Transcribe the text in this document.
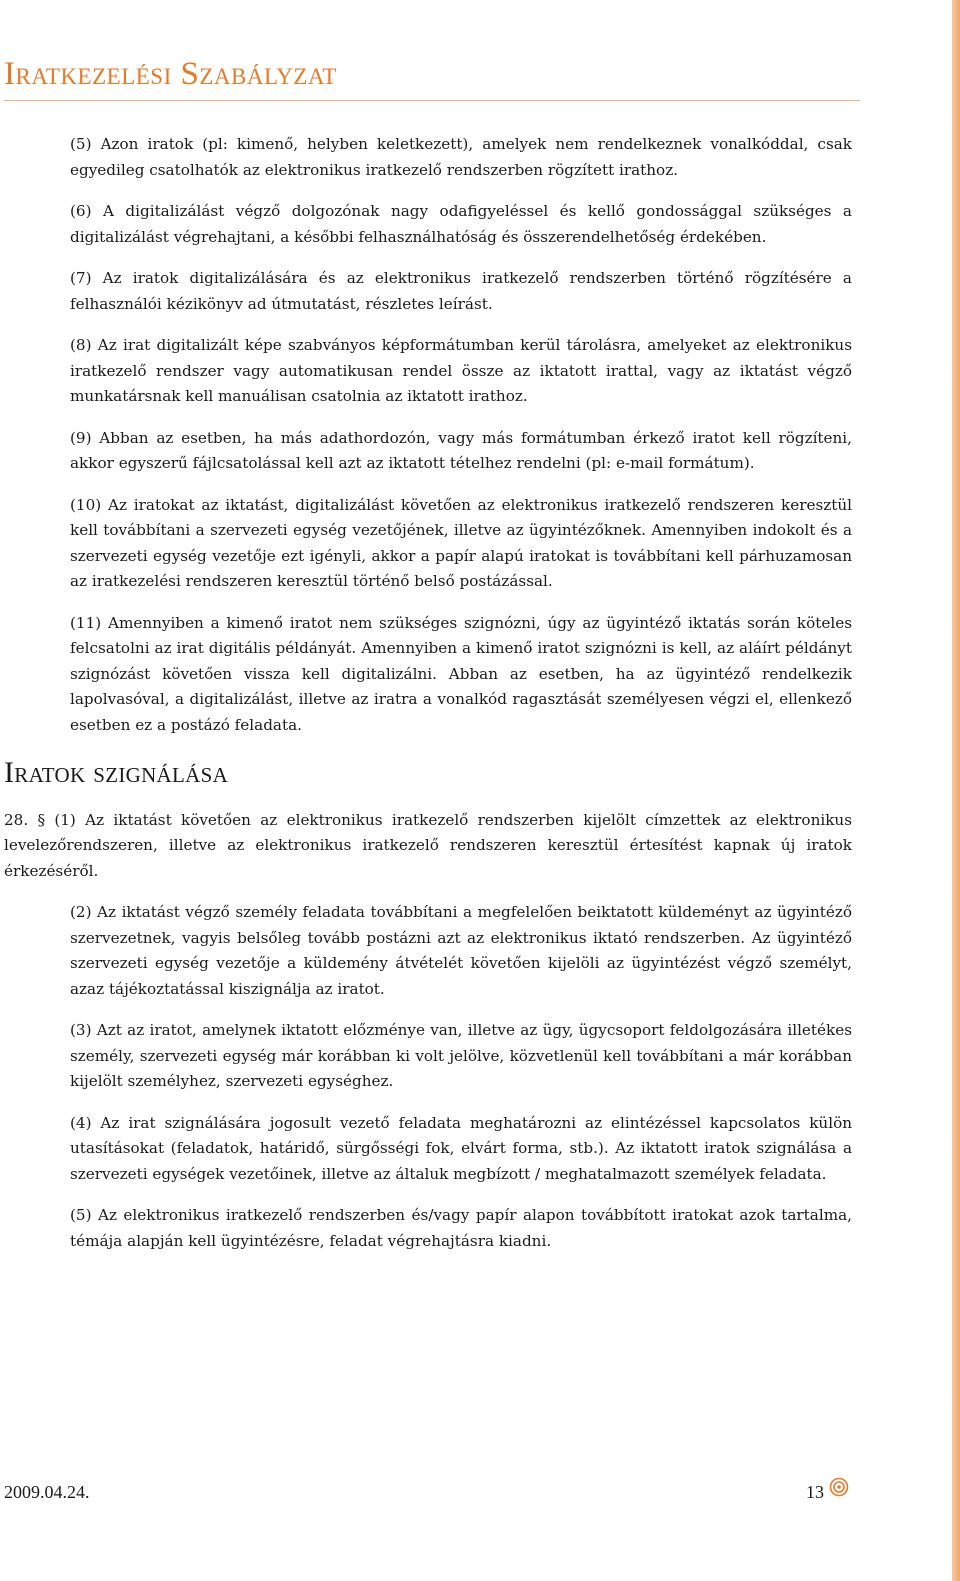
Iratkezelési Szabályzat

(5) Azon iratok (pl: kimenő, helyben keletkezett), amelyek nem rendelkeznek vonalkóddal, csak egyedileg csatolhatók az elektronikus iratkezelő rendszerben rögzített irathoz.

(6) A digitalizálást végző dolgozónak nagy odafigyeléssel és kellő gondossággal szükséges a digitalizálást végrehajtani, a későbbi felhasználhatóság és összerendelhetőség érdekében.

(7) Az iratok digitalizálására és az elektronikus iratkezelő rendszerben történő rögzítésére a felhasználói kézikönyv ad útmutatást, részletes leírást.

(8) Az irat digitalizált képe szabványos képformátumban kerül tárolásra, amelyeket az elektronikus iratkezelő rendszer vagy automatikusan rendel össze az iktatott irattal, vagy az iktatást végző munkatársnak kell manuálisan csatolnia az iktatott irathoz.

(9) Abban az esetben, ha más adathordozón, vagy más formátumban érkező iratot kell rögzíteni, akkor egyszerű fájlcsatolással kell azt az iktatott tételhez rendelni (pl: e-mail formátum).

(10) Az iratokat az iktatást, digitalizálást követően az elektronikus iratkezelő rendszeren keresztül kell továbbítani a szervezeti egység vezetőjének, illetve az ügyintézőknek. Amennyiben indokolt és a szervezeti egység vezetője ezt igényli, akkor a papír alapú iratokat is továbbítani kell párhuzamosan az iratkezelési rendszeren keresztül történő belső postázással.

(11) Amennyiben a kimenő iratot nem szükséges szignózni, úgy az ügyintéző iktatás során köteles felcsatolni az irat digitális példányát. Amennyiben a kimenő iratot szignózni is kell, az aláírt példányt szignózást követően vissza kell digitalizálni. Abban az esetben, ha az ügyintéző rendelkezik lapolvasóval, a digitalizálást, illetve az iratra a vonalkód ragasztását személyesen végzi el, ellenkező esetben ez a postázó feladata.

Iratok szignálása

28. § (1) Az iktatást követően az elektronikus iratkezelő rendszerben kijelölt címzettek az elektronikus levelezőrendszeren, illetve az elektronikus iratkezelő rendszeren keresztül értesítést kapnak új iratok érkezéséről.

(2) Az iktatást végző személy feladata továbbítani a megfelelően beiktatott küldeményt az ügyintéző szervezetnek, vagyis belsőleg tovább postázni azt az elektronikus iktató rendszerben. Az ügyintéző szervezeti egység vezetője a küldemény átvételét követően kijelöli az ügyintézést végző személyt, azaz tájékoztatással kiszignálja az iratot.

(3) Azt az iratot, amelynek iktatott előzménye van, illetve az ügy, ügycsoport feldolgozására illetékes személy, szervezeti egység már korábban ki volt jelölve, közvetlenül kell továbbítani a már korábban kijelölt személyhez, szervezeti egységhez.

(4) Az irat szignálására jogosult vezető feladata meghatározni az elintézéssel kapcsolatos külön utasításokat (feladatok, határidő, sürgősségi fok, elvárt forma, stb.). Az iktatott iratok szignálása a szervezeti egységek vezetőinek, illetve az általuk megbízott / meghatalmazott személyek feladata.

(5) Az elektronikus iratkezelő rendszerben és/vagy papír alapon továbbított iratokat azok tartalma, témája alapján kell ügyintézésre, feladat végrehajtásra kiadni.

2009.04.24.	13
